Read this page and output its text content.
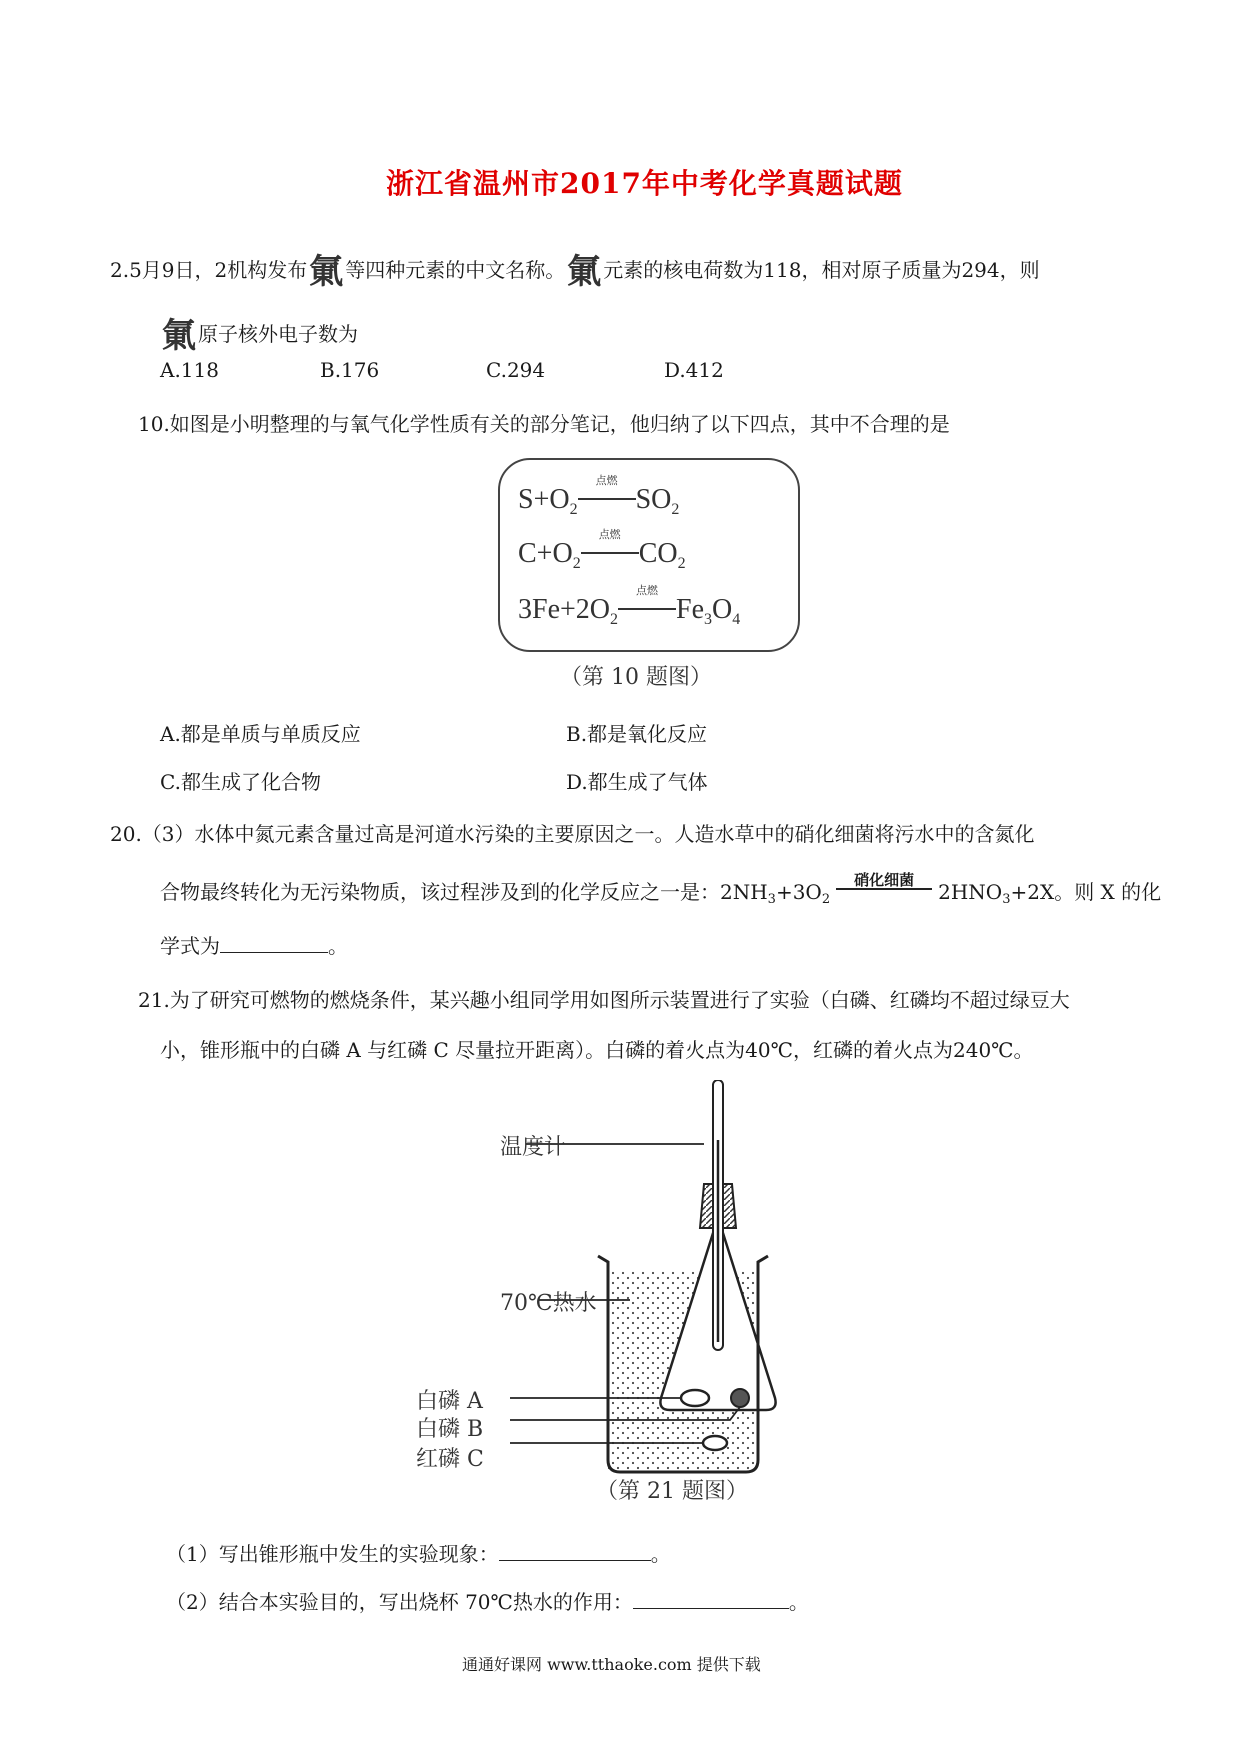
浙江省温州市2017年中考化学真题试题
2.5月9日，2机构发布氭 等四种元素的中文名称。氭 元素的核电荷数为118，相对原子质量为294，则
氭原子核外电子数为
A.118	B.176	C.294	D.412
10.如图是小明整理的与氧气化学性质有关的部分笔记，他归纳了以下四点，其中不合理的是
$S+O_2$
点燃
$SO_2$
$C+O_2$
点燃
$CO_2$
$3Fe+2O_2$
点燃
$Fe_3O_4$
（第 10 题图）
A.都是单质与单质反应	B.都是氧化反应
C.都生成了化合物	D.都生成了气体
20.（3）水体中氮元素含量过高是河道水污染的主要原因之一。人造水草中的硝化细菌将污水中的含氮化
合物最终转化为无污染物质，该过程涉及到的化学反应之一是：$2NH_3+3O_2$
硝化细菌	$2HNO_3+2X$。则 X 的化
学式为	。
21.为了研究可燃物的燃烧条件，某兴趣小组同学用如图所示装置进行了实验（白磷、红磷均不超过绿豆大
小，锥形瓶中的白磷 A 与红磷 C 尽量拉开距离）。白磷的着火点为40℃，红磷的着火点为240℃。
温度计
70℃热水
白磷 A
白磷 B
红磷 C
（第 21 题图）
（1）写出锥形瓶中发生的实验现象：	。
（2）结合本实验目的，写出烧杯 70℃热水的作用：	。
通通好课网 www.tthaoke.com 提供下载
